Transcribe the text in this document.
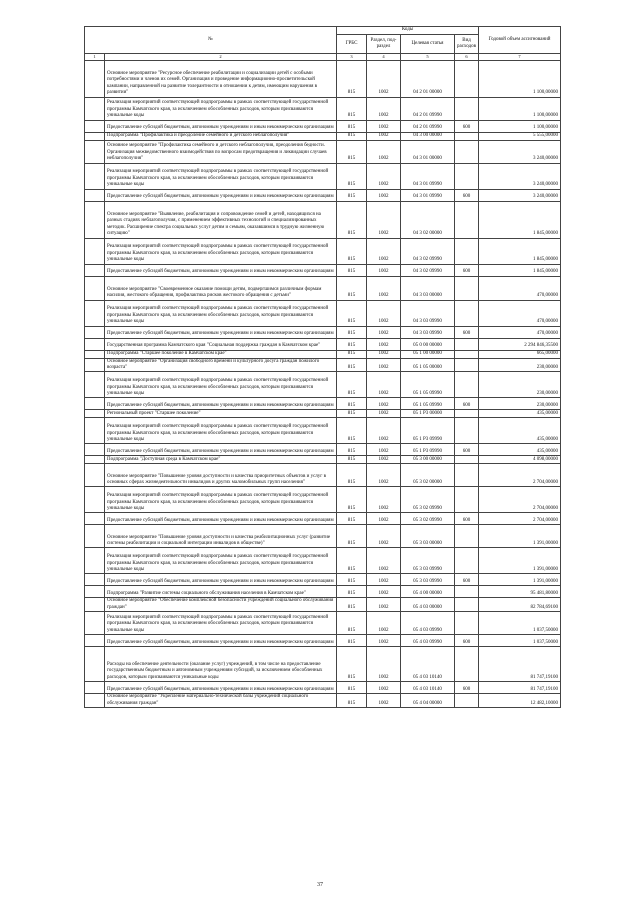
№		Коды				Годовой объем ассигнований
		ГРБС	Раздел, под-раздел	Целевая статья	Вид расходов	
1	2	3	4	5	6	7
	Основное мероприятие "Ресурсное обеспечение реабилитации и социализации детей с особыми потребностями и членов их семей. Организация и проведение информационно-просветительской кампании, направленной на развитие толерантности в отношении к детям, имеющим нарушения в развитии"	815	1002	04 2 01 00000		1 100,00000
	Реализация мероприятий соответствующей подпрограммы в рамках соответствующей государственной программы Камчатского края, за исключением обособленных расходов, которым присваиваются уникальные коды	815	1002	04 2 01 09990		1 100,00000
	Предоставление субсидий бюджетным, автономным учреждениям и иным некоммерческим организациям	815	1002	04 2 01 09990	600	1 100,00000
	Подпрограмма "Профилактика и преодоление семейного и детского неблагополучия"	815	1002	04 3 00 00000		5 555,00000
	Основное мероприятие "Профилактика семейного и детского неблагополучия, преодоления бедности. Организация межведомственного взаимодействия по вопросам предотвращения и ликвидации случаев неблагополучия"	815	1002	04 3 01 00000		3 240,00000
	Реализация мероприятий соответствующей подпрограммы в рамках соответствующей государственной программы Камчатского края, за исключением обособленных расходов, которым присваиваются уникальные коды	815	1002	04 3 01 09990		3 240,00000
	Предоставление субсидий бюджетным, автономным учреждениям и иным некоммерческим организациям	815	1002	04 3 01 09990	600	3 240,00000
	Основное мероприятие "Выявление, реабилитация и сопровождение семей и детей, находящихся на разных стадиях неблагополучия, с применением эффективных технологий и специализированных методик. Расширение спектра социальных услуг детям и семьям, оказавшимся в трудную жизненную ситуацию"	815	1002	04 3 02 00000		1 845,00000
	Реализация мероприятий соответствующей подпрограммы в рамках соответствующей государственной программы Камчатского края, за исключением обособленных расходов, которым присваиваются уникальные коды	815	1002	04 3 02 09990		1 845,00000
	Предоставление субсидий бюджетным, автономным учреждениям и иным некоммерческим организациям	815	1002	04 3 02 09990	600	1 845,00000
	Основное мероприятие "Своевременное оказание помощи детям, подвергшимся различным формам насилия, жестокого обращения, профилактика рисков жестокого обращения с детьми"	815	1002	04 3 03 00000		470,00000
	Реализация мероприятий соответствующей подпрограммы в рамках соответствующей государственной программы Камчатского края, за исключением обособленных расходов, которым присваиваются уникальные коды	815	1002	04 3 03 09990		470,00000
	Предоставление субсидий бюджетным, автономным учреждениям и иным некоммерческим организациям	815	1002	04 3 03 09990	600	470,00000
	Государственная программа Камчатского края "Социальная поддержка граждан в Камчатском крае"	815	1002	05 0 00 00000		2 294 846,35500
	Подпрограмма "Старшее поколение в Камчатском крае"	815	1002	05 1 00 00000		665,00000
	Основное мероприятие "Организация свободного времени и культурного досуга граждан пожилого возраста"	815	1002	05 1 05 00000		230,00000
	Реализация мероприятий соответствующей подпрограммы в рамках соответствующей государственной программы Камчатского края, за исключением обособленных расходов, которым присваиваются уникальные коды	815	1002	05 1 05 09990		230,00000
	Предоставление субсидий бюджетным, автономным учреждениям и иным некоммерческим организациям	815	1002	05 1 05 09990	600	230,00000
	Региональный проект "Старшее поколение"	815	1002	05 1 P3 00000		435,00000
	Реализация мероприятий соответствующей подпрограммы в рамках соответствующей государственной программы Камчатского края, за исключением обособленных расходов, которым присваиваются уникальные коды	815	1002	05 1 P3 09990		435,00000
	Предоставление субсидий бюджетным, автономным учреждениям и иным некоммерческим организациям	815	1002	05 1 P3 09990	600	435,00000
	Подпрограмма "Доступная среда в Камчатском крае"	815	1002	05 3 00 00000		4 098,00000
	Основное мероприятие "Повышение уровня доступности и качества приоритетных объектов и услуг в основных сферах жизнедеятельности инвалидов и других маломобильных групп населения"	815	1002	05 3 02 00000		2 704,00000
	Реализация мероприятий соответствующей подпрограммы в рамках соответствующей государственной программы Камчатского края, за исключением обособленных расходов, которым присваиваются уникальные коды	815	1002	05 3 02 09990		2 704,00000
	Предоставление субсидий бюджетным, автономным учреждениям и иным некоммерческим организациям	815	1002	05 3 02 09990	600	2 704,00000
	Основное мероприятие "Повышение уровня доступности и качества реабилитационных услуг (развитие системы реабилитации и социальной интеграции инвалидов в обществе)"	815	1002	05 3 03 00000		1 391,00000
	Реализация мероприятий соответствующей подпрограммы в рамках соответствующей государственной программы Камчатского края, за исключением обособленных расходов, которым присваиваются уникальные коды	815	1002	05 3 03 09990		1 391,00000
	Предоставление субсидий бюджетным, автономным учреждениям и иным некоммерческим организациям	815	1002	05 3 03 09990	600	1 391,00000
	Подпрограмма "Развитие системы социального обслуживания населения в Камчатском крае"	815	1002	05 4 00 00000		95 481,80000
	Основное мероприятие "Обеспечение комплексной безопасности учреждений социального обслуживания граждан"	815	1002	05 4 03 00000		82 784,69100
	Реализация мероприятий соответствующей подпрограммы в рамках соответствующей государственной программы Камчатского края, за исключением обособленных расходов, которым присваиваются уникальные коды	815	1002	05 4 03 09990		1 037,50000
	Предоставление субсидий бюджетным, автономным учреждениям и иным некоммерческим организациям	815	1002	05 4 03 09990	600	1 037,50000
	Расходы на обеспечение деятельности (оказание услуг) учреждений, в том числе на предоставление государственным бюджетным и автономным учреждениям субсидий, за исключением обособленных расходов, которым присваиваются уникальные коды	815	1002	05 4 03 10140		81 747,19100
	Предоставление субсидий бюджетным, автономным учреждениям и иным некоммерческим организациям	815	1002	05 4 03 10140	600	81 747,19100
	Основное мероприятие "Укрепление материально-технической базы учреждений социального обслуживания граждан"	815	1002	05 4 04 00000		12 482,10000
37
